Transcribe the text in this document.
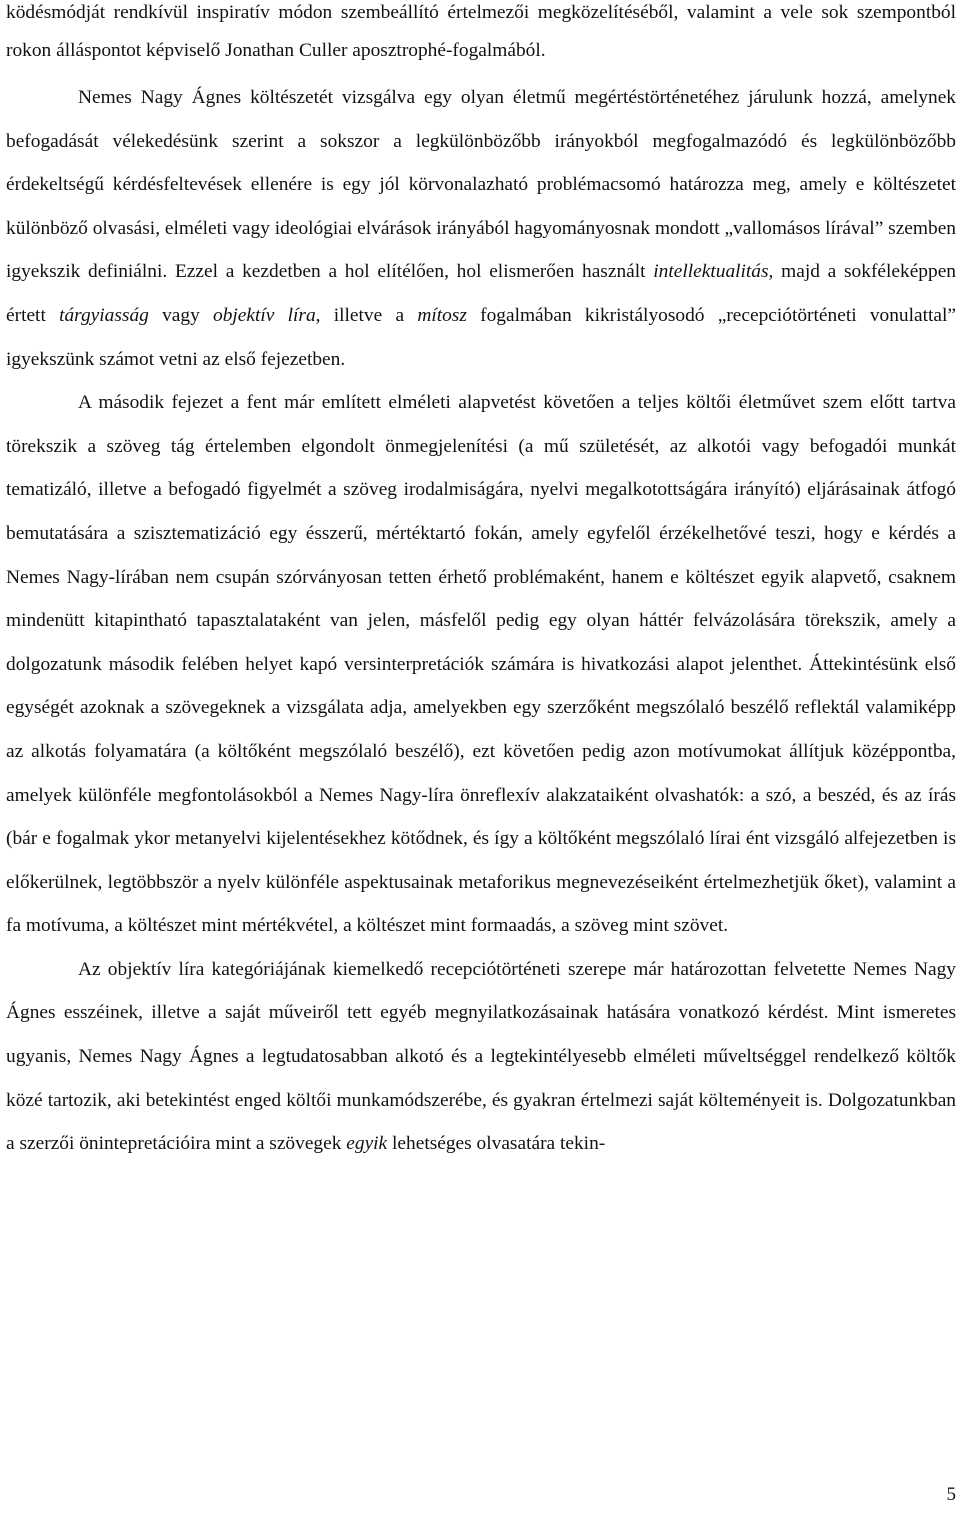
ködésmódját rendkívül inspiratív módon szembeállító értelmezői megközelítéséből, valamint a vele sok szempontból rokon álláspontot képviselő Jonathan Culler aposztrophé-fogalmából.

Nemes Nagy Ágnes költészetét vizsgálva egy olyan életmű megértéstörténetéhez járulunk hozzá, amelynek befogadását vélekedésünk szerint a sokszor a legkülönbözőbb irányokból megfogalmazódó és legkülönbözőbb érdekeltségű kérdésfeltevések ellenére is egy jól körvonalazható problémacsomó határozza meg, amely e költészetet különböző olvasási, elméleti vagy ideológiai elvárások irányából hagyományosnak mondott „vallomásos lírával” szemben igyekszik definiálni. Ezzel a kezdetben a hol elítélően, hol elismerően használt intellektualitás, majd a sokféleképpen értett tárgyiasság vagy objektív líra, illetve a mítosz fogalmában kikristályosodó „recepciótörténeti vonulattal” igyekszünk számot vetni az első fejezetben.

A második fejezet a fent már említett elméleti alapvetést követően a teljes költői életművet szem előtt tartva törekszik a szöveg tág értelemben elgondolt önmegjelenítési (a mű születését, az alkotói vagy befogadói munkát tematizáló, illetve a befogadó figyelmét a szöveg irodalmiságára, nyelvi megalkotottságára irányító) eljárásainak átfogó bemutatására a szisztematizáció egy ésszerű, mértéktartó fokán, amely egyfelől érzékelhetővé teszi, hogy e kérdés a Nemes Nagy-lírában nem csupán szórványosan tetten érhető problémaként, hanem e költészet egyik alapvető, csaknem mindenütt kitapintható tapasztalataként van jelen, másfelől pedig egy olyan háttér felvázolására törekszik, amely a dolgozatunk második felében helyet kapó versinterpretációk számára is hivatkozási alapot jelenthet. Áttekintésünk első egységét azoknak a szövegeknek a vizsgálata adja, amelyekben egy szerzőként megszólaló beszélő reflektál valamiképp az alkotás folyamatára (a költőként megszólaló beszélő), ezt követően pedig azon motívumokat állítjuk középpontba, amelyek különféle megfontolásokból a Nemes Nagy-líra önreflexív alakzataiként olvashatók: a szó, a beszéd, és az írás (bár e fogalmak ykor metanyelvi kijelentésekhez kötődnek, és így a költőként megszólaló lírai ént vizsgáló alfejezetben is előkerülnek, legtöbbször a nyelv különféle aspektusainak metaforikus megnevezéseiként értelmezhetjük őket), valamint a fa motívuma, a költészet mint mértékvétel, a költészet mint formaadás, a szöveg mint szövet.

Az objektív líra kategóriájának kiemelkedő recepciótörténeti szerepe már határozottan felvetette Nemes Nagy Ágnes esszéinek, illetve a saját műveiről tett egyéb megnyilatkozásainak hatására vonatkozó kérdést. Mint ismeretes ugyanis, Nemes Nagy Ágnes a legtudatosabban alkotó és a legtekintélyesebb elméleti műveltséggel rendelkező költők közé tartozik, aki betekintést enged költői munkamódszerébe, és gyakran értelmezi saját költeményeit is. Dolgozatunkban a szerzői önintepretációira mint a szövegek egyik lehetséges olvasatára tekin-

5
